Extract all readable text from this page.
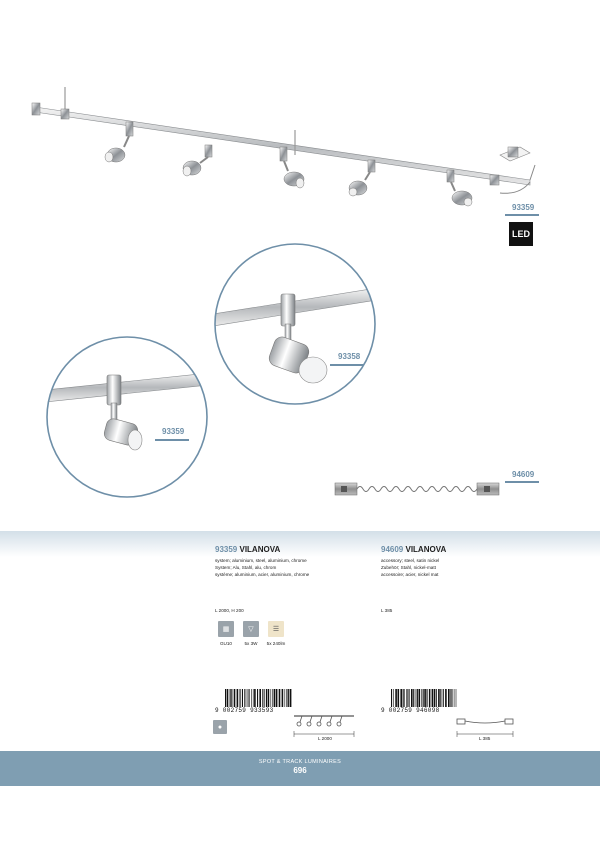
93359
LED
93358
93359
94609
93359 VILANOVA
system; aluminium, steel, aluminium, chrome
System; Alu, Stahl, alu, chrom
système; aluminium, acier, aluminium, chrome
L 2000, H 200
▦	▽	☰
GU10	5x 3W	5x 240lm
94609 VILANOVA
accessory; steel, satin nickel
Zubehör; Stahl, nickel-matt
accessoire; acier, nickel mat
L 385
9 002759 933593	9 002759 946098
●
L 2000	L 385
SPOT & TRACK LUMINAIRES
696
